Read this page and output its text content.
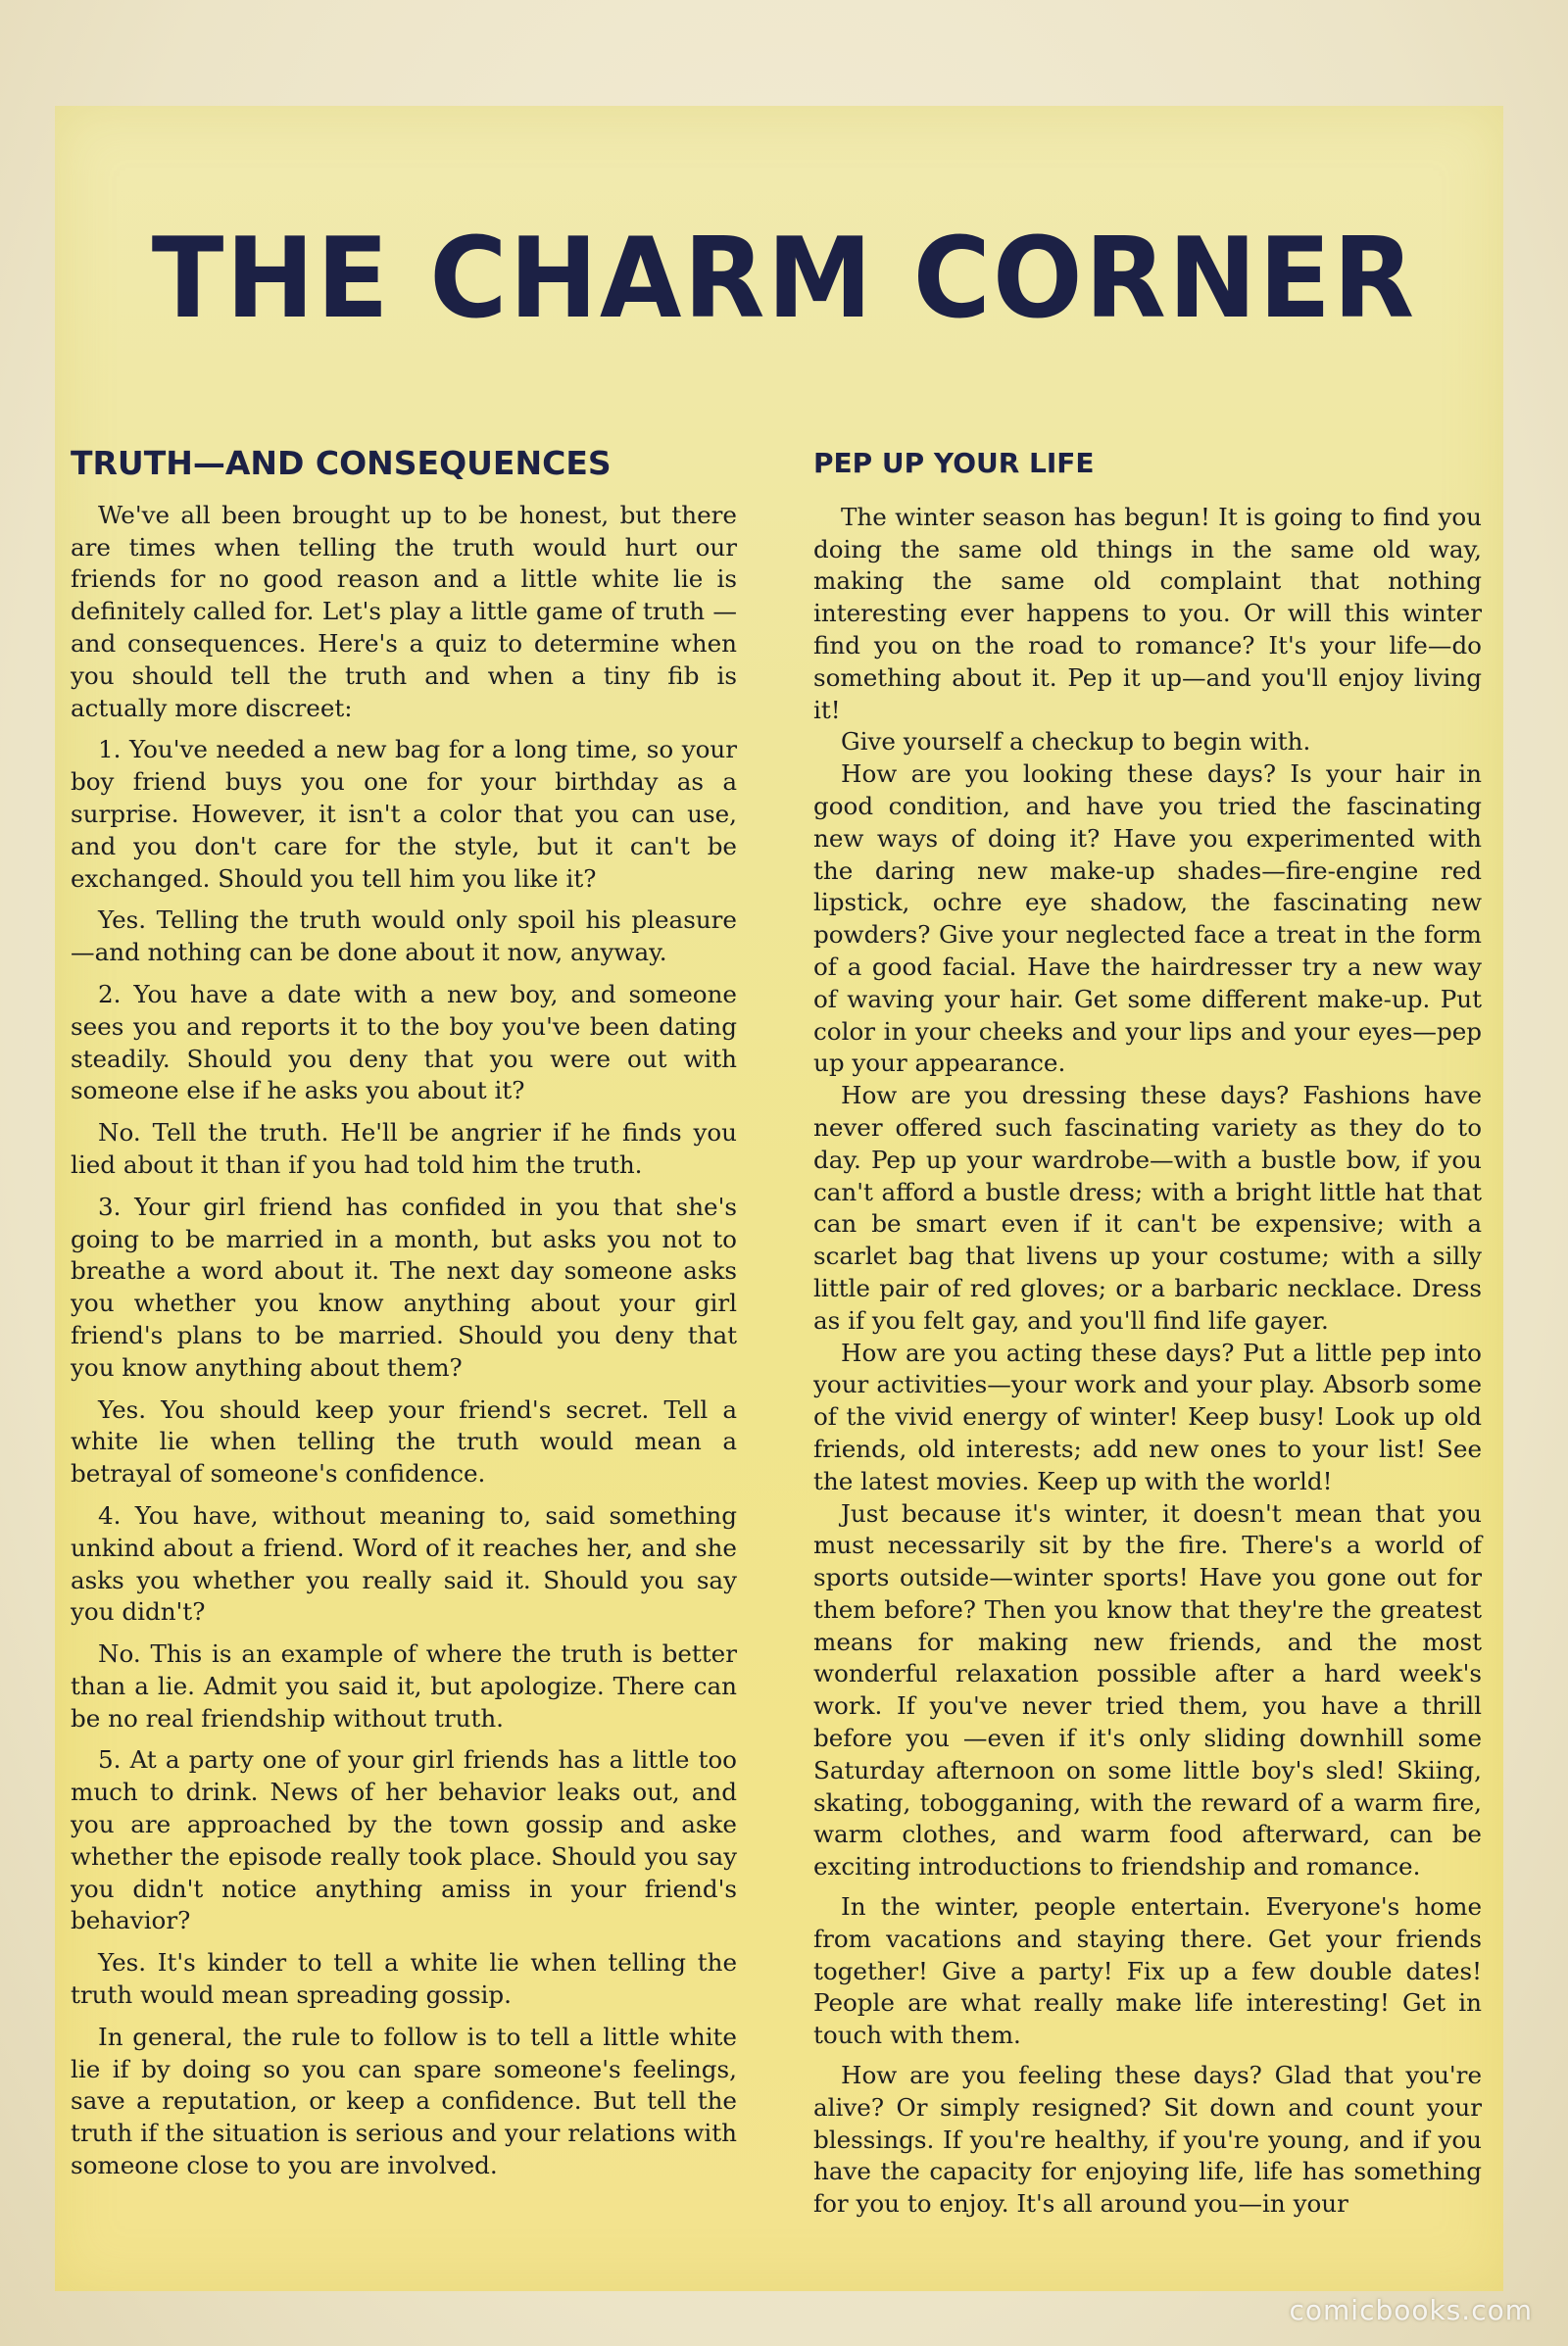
THE CHARM CORNER
TRUTH—AND CONSEQUENCES

We've all been brought up to be honest, but there are times when telling the truth would hurt our friends for no good reason and a little white lie is definitely called for. Let's play a little game of truth —and consequences. Here's a quiz to determine when you should tell the truth and when a tiny fib is actually more discreet:

1. You've needed a new bag for a long time, so your boy friend buys you one for your birthday as a surprise. However, it isn't a color that you can use, and you don't care for the style, but it can't be exchanged. Should you tell him you like it?

Yes. Telling the truth would only spoil his pleasure—and nothing can be done about it now, anyway.

2. You have a date with a new boy, and someone sees you and reports it to the boy you've been dating steadily. Should you deny that you were out with someone else if he asks you about it?

No. Tell the truth. He'll be angrier if he finds you lied about it than if you had told him the truth.

3. Your girl friend has confided in you that she's going to be married in a month, but asks you not to breathe a word about it. The next day someone asks you whether you know anything about your girl friend's plans to be married. Should you deny that you know anything about them?

Yes. You should keep your friend's secret. Tell a white lie when telling the truth would mean a betrayal of someone's confidence.

4. You have, without meaning to, said something unkind about a friend. Word of it reaches her, and she asks you whether you really said it. Should you say you didn't?

No. This is an example of where the truth is better than a lie. Admit you said it, but apologize. There can be no real friendship without truth.

5. At a party one of your girl friends has a little too much to drink. News of her behavior leaks out, and you are approached by the town gossip and aske whether the episode really took place. Should you say you didn't notice anything amiss in your friend's behavior?

Yes. It's kinder to tell a white lie when telling the truth would mean spreading gossip.

In general, the rule to follow is to tell a little white lie if by doing so you can spare someone's feelings, save a reputation, or keep a confidence. But tell the truth if the situation is serious and your relations with someone close to you are involved.

PEP UP YOUR LIFE

The winter season has begun! It is going to find you doing the same old things in the same old way, making the same old complaint that nothing interesting ever happens to you. Or will this winter find you on the road to romance? It's your life—do something about it. Pep it up—and you'll enjoy living it!

Give yourself a checkup to begin with.

How are you looking these days? Is your hair in good condition, and have you tried the fascinating new ways of doing it? Have you experimented with the daring new make-up shades—fire-engine red lipstick, ochre eye shadow, the fascinating new powders? Give your neglected face a treat in the form of a good facial. Have the hairdresser try a new way of waving your hair. Get some different make-up. Put color in your cheeks and your lips and your eyes—pep up your appearance.

How are you dressing these days? Fashions have never offered such fascinating variety as they do to day. Pep up your wardrobe—with a bustle bow, if you can't afford a bustle dress; with a bright little hat that can be smart even if it can't be expensive; with a scarlet bag that livens up your costume; with a silly little pair of red gloves; or a barbaric necklace. Dress as if you felt gay, and you'll find life gayer.

How are you acting these days? Put a little pep into your activities—your work and your play. Absorb some of the vivid energy of winter! Keep busy! Look up old friends, old interests; add new ones to your list! See the latest movies. Keep up with the world!

Just because it's winter, it doesn't mean that you must necessarily sit by the fire. There's a world of sports outside—winter sports! Have you gone out for them before? Then you know that they're the greatest means for making new friends, and the most wonderful relaxation possible after a hard week's work. If you've never tried them, you have a thrill before you —even if it's only sliding downhill some Saturday afternoon on some little boy's sled! Skiing, skating, tobogganing, with the reward of a warm fire, warm clothes, and warm food afterward, can be exciting introductions to friendship and romance.

In the winter, people entertain. Everyone's home from vacations and staying there. Get your friends together! Give a party! Fix up a few double dates! People are what really make life interesting! Get in touch with them.

How are you feeling these days? Glad that you're alive? Or simply resigned? Sit down and count your blessings. If you're healthy, if you're young, and if you have the capacity for enjoying life, life has something for you to enjoy. It's all around you—in your

comicbooks.com
